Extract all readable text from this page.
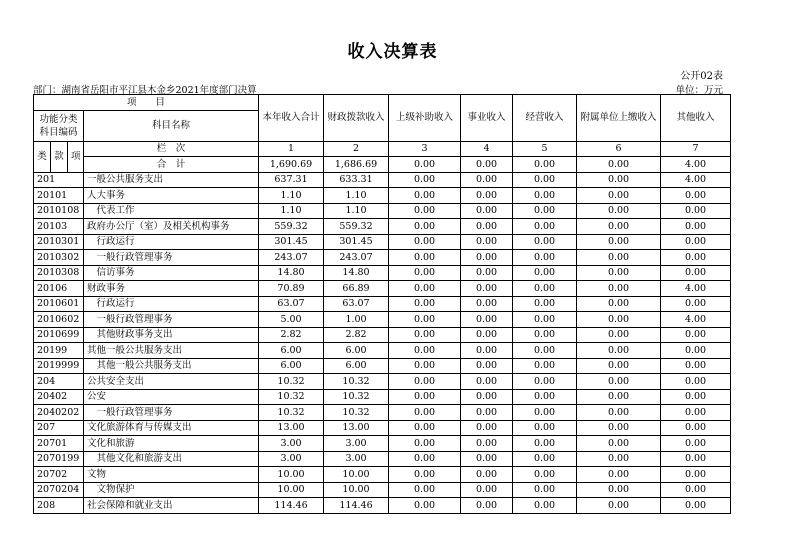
收入决算表
公开02表
部门：湖南省岳阳市平江县木金乡2021年度部门决算	单位：万元
项　　目				本年收入合计	财政拨款收入	上级补助收入	事业收入	经营收入	附属单位上缴收入	其他收入
功能分类科目编码			科目名称							

类	款	项	栏　次	1	2	3	4	5	6	7
			合　计	1,690.69	1,686.69	0.00	0.00	0.00	0.00	4.00
201			一般公共服务支出	637.31	633.31	0.00	0.00	0.00	0.00	4.00
20101			人大事务	1.10	1.10	0.00	0.00	0.00	0.00	0.00
2010108			　代表工作	1.10	1.10	0.00	0.00	0.00	0.00	0.00
20103			政府办公厅（室）及相关机构事务	559.32	559.32	0.00	0.00	0.00	0.00	0.00
2010301			　行政运行	301.45	301.45	0.00	0.00	0.00	0.00	0.00
2010302			　一般行政管理事务	243.07	243.07	0.00	0.00	0.00	0.00	0.00
2010308			　信访事务	14.80	14.80	0.00	0.00	0.00	0.00	0.00
20106			财政事务	70.89	66.89	0.00	0.00	0.00	0.00	4.00
2010601			　行政运行	63.07	63.07	0.00	0.00	0.00	0.00	0.00
2010602			　一般行政管理事务	5.00	1.00	0.00	0.00	0.00	0.00	4.00
2010699			　其他财政事务支出	2.82	2.82	0.00	0.00	0.00	0.00	0.00
20199			其他一般公共服务支出	6.00	6.00	0.00	0.00	0.00	0.00	0.00
2019999			　其他一般公共服务支出	6.00	6.00	0.00	0.00	0.00	0.00	0.00
204			公共安全支出	10.32	10.32	0.00	0.00	0.00	0.00	0.00
20402			公安	10.32	10.32	0.00	0.00	0.00	0.00	0.00
2040202			　一般行政管理事务	10.32	10.32	0.00	0.00	0.00	0.00	0.00
207			文化旅游体育与传媒支出	13.00	13.00	0.00	0.00	0.00	0.00	0.00
20701			文化和旅游	3.00	3.00	0.00	0.00	0.00	0.00	0.00
2070199			　其他文化和旅游支出	3.00	3.00	0.00	0.00	0.00	0.00	0.00
20702			文物	10.00	10.00	0.00	0.00	0.00	0.00	0.00
2070204			　文物保护	10.00	10.00	0.00	0.00	0.00	0.00	0.00
208			社会保障和就业支出	114.46	114.46	0.00	0.00	0.00	0.00	0.00
